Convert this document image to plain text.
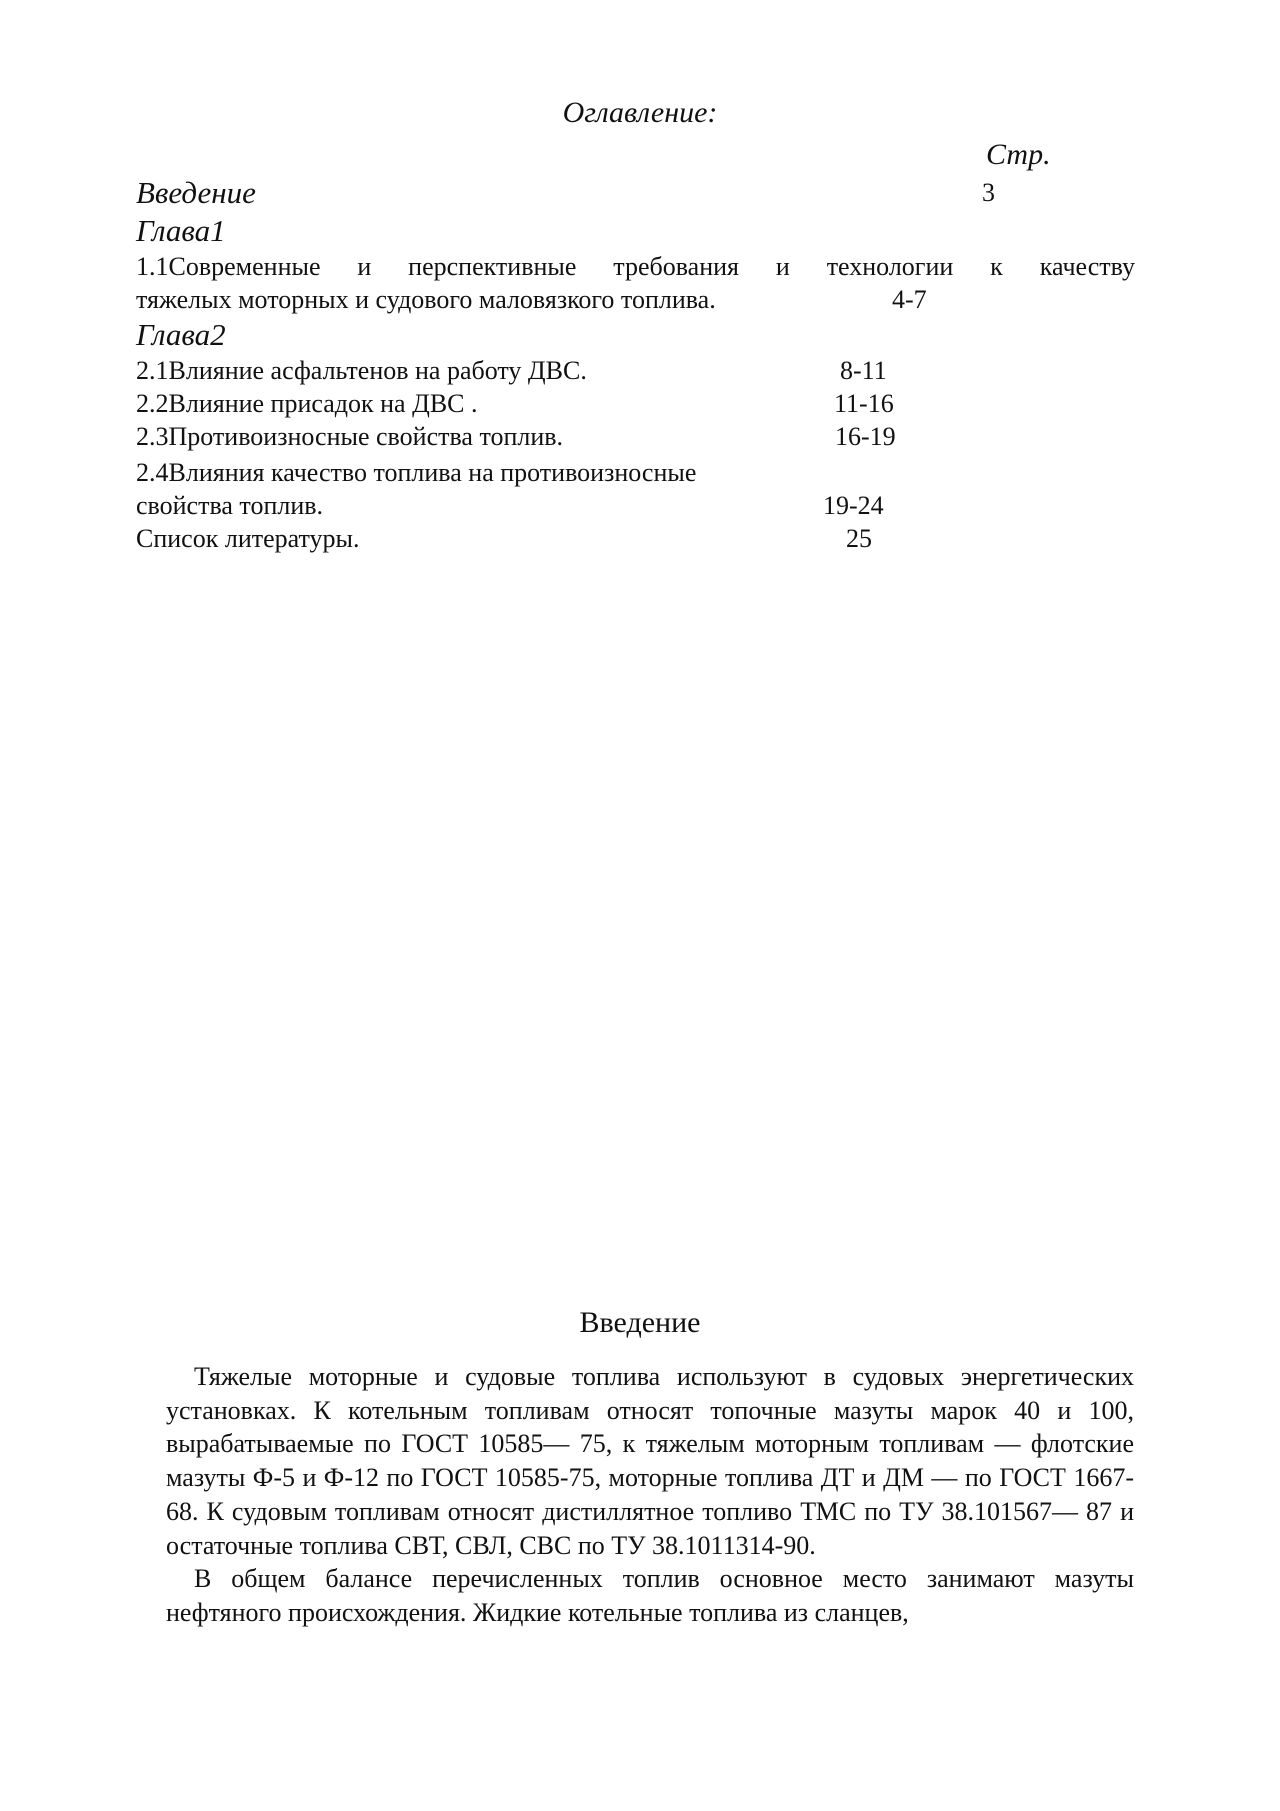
Оглавление:
Стр.
Введение	3
Глава1
1.1Современные и перспективные требования и технологии к качеству
тяжелых моторных и судового маловязкого топлива.	4-7
Глава2
2.1Влияние асфальтенов на работу ДВС.	8-11
2.2Влияние присадок на ДВС .	11-16
2.3Противоизносные свойства топлив.	16-19
2.4Влияния качество топлива на противоизносные
свойства топлив.	19-24
Список литературы.	25
Введение

Тяжелые моторные и судовые топлива используют в судовых энергетических установках. К котельным топливам относят топочные мазуты марок 40 и 100, вырабатываемые по ГОСТ 10585— 75, к тяжелым моторным топливам — флотские мазуты Ф-5 и Ф-12 по ГОСТ 10585-75, моторные топлива ДТ и ДМ — по ГОСТ 1667-68. К судовым топливам относят дистиллятное топливо ТМС по ТУ 38.101567— 87 и остаточные топлива СВТ, СВЛ, СВС по ТУ 38.1011314-90.

В общем балансе перечисленных топлив основное место занимают мазуты нефтяного происхождения. Жидкие котельные топлива из сланцев,
